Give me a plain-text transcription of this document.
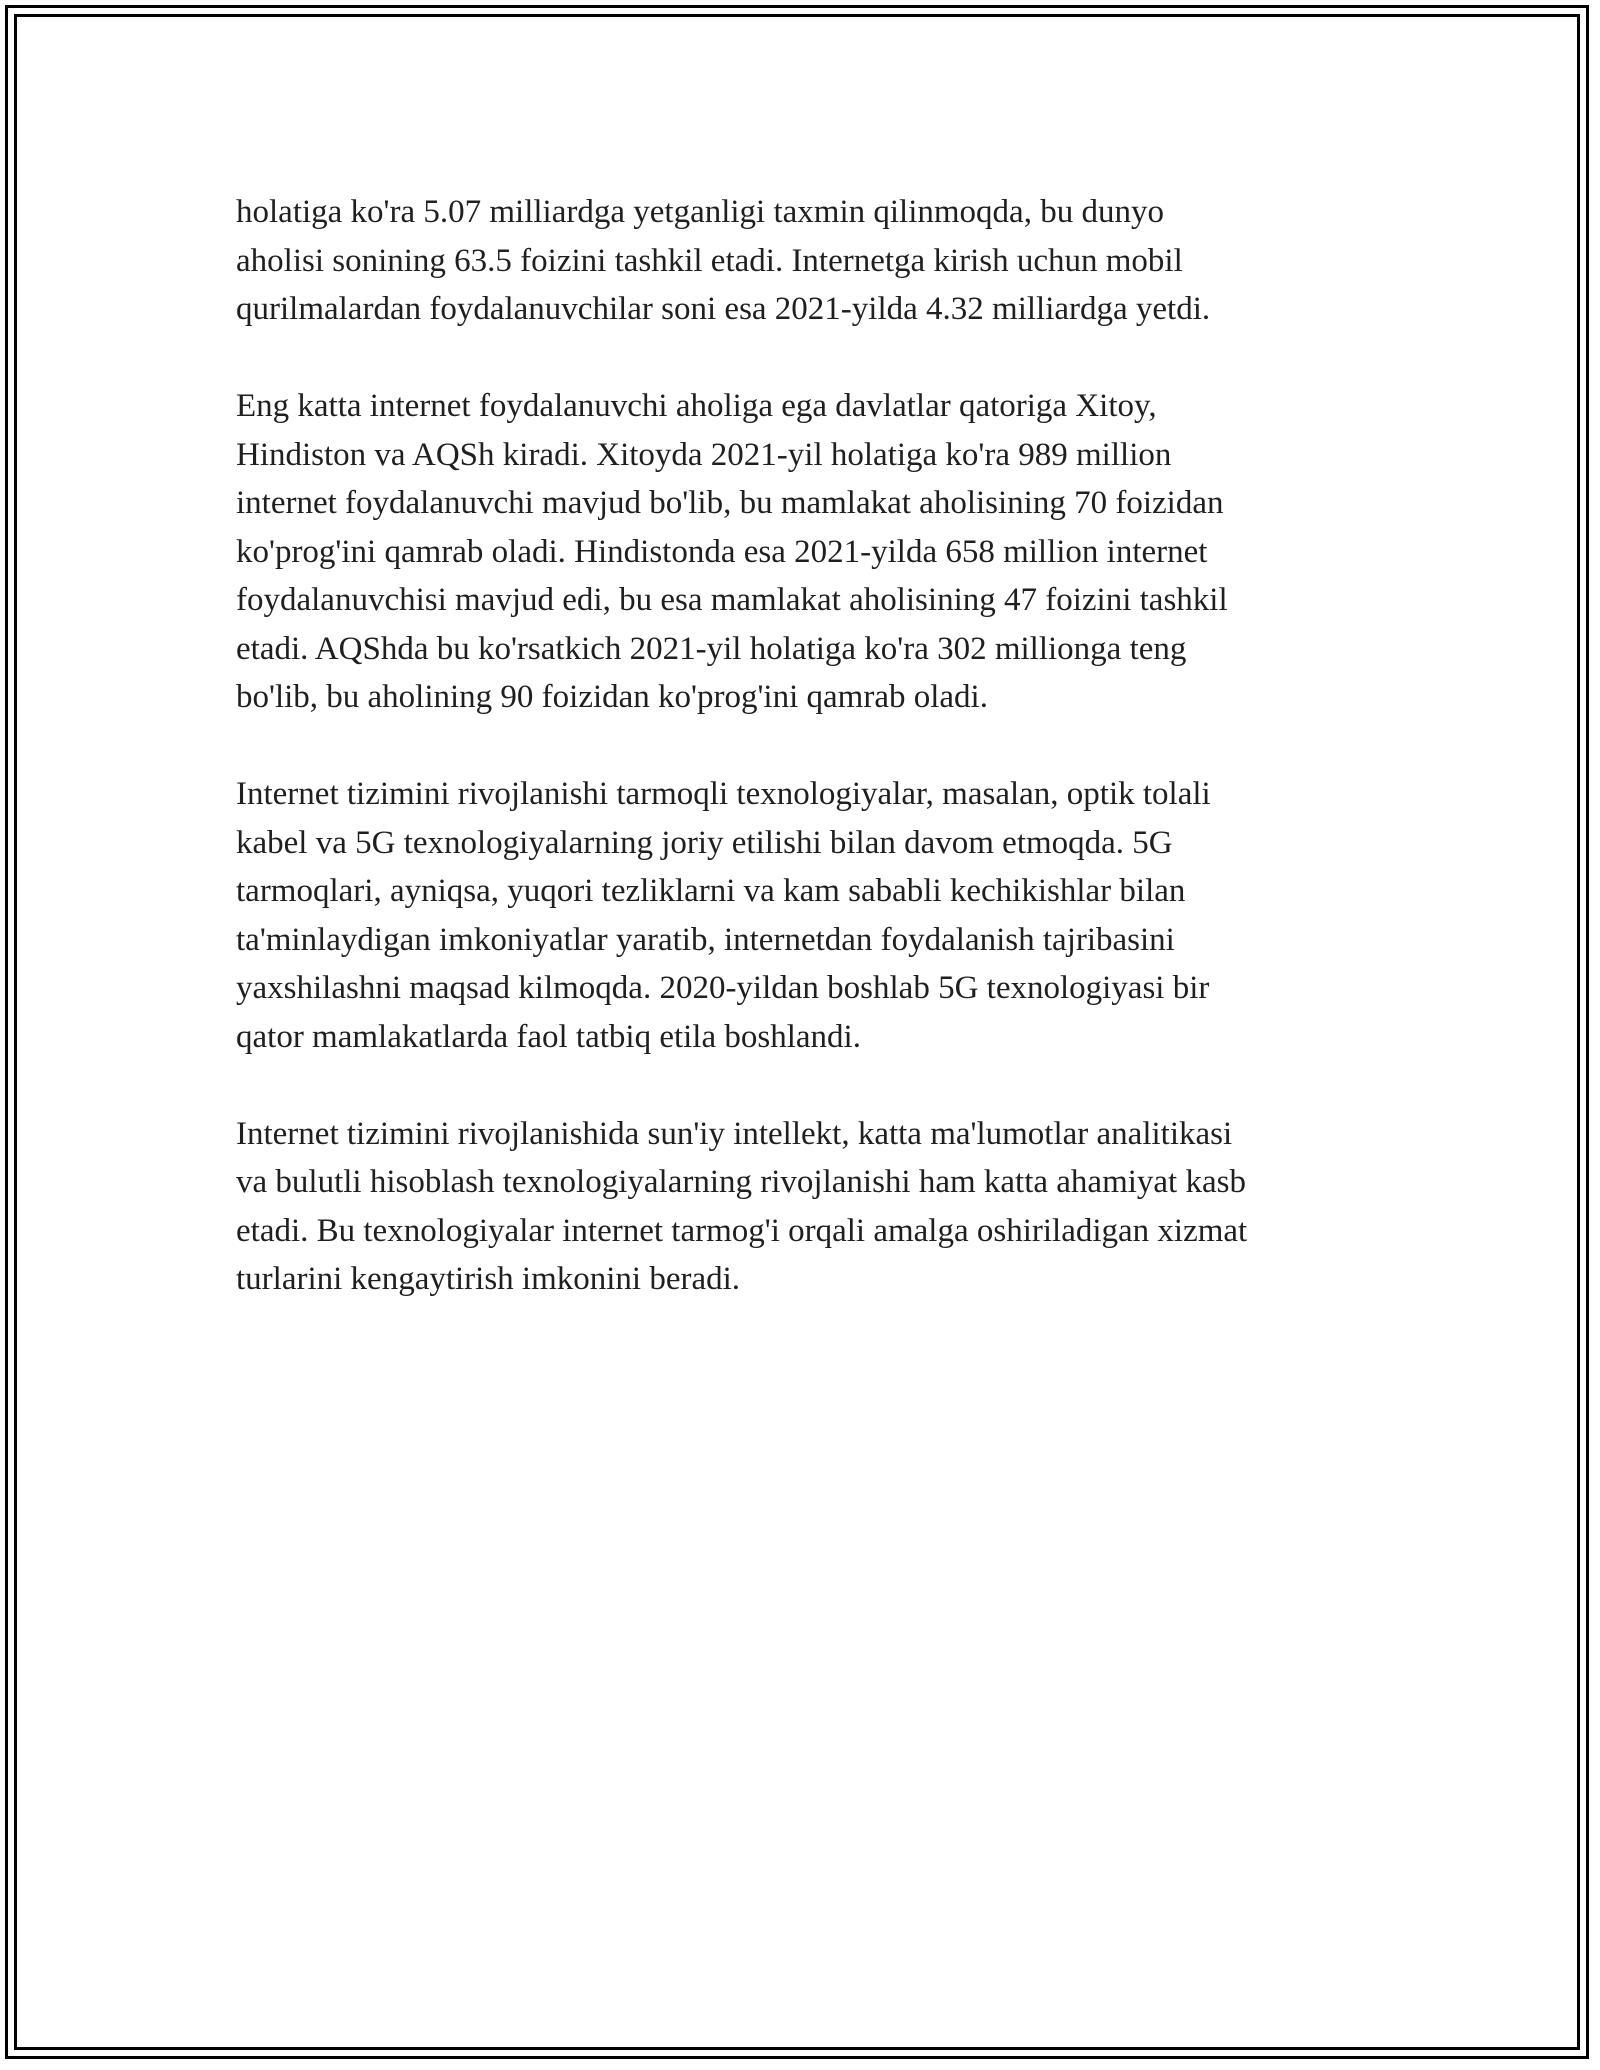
holatiga ko'ra 5.07 milliardga yetganligi taxmin qilinmoqda, bu dunyo
aholisi sonining 63.5 foizini tashkil etadi. Internetga kirish uchun mobil
qurilmalardan foydalanuvchilar soni esa 2021-yilda 4.32 milliardga yetdi.

Eng katta internet foydalanuvchi aholiga ega davlatlar qatoriga Xitoy,
Hindiston va AQSh kiradi. Xitoyda 2021-yil holatiga ko'ra 989 million
internet foydalanuvchi mavjud bo'lib, bu mamlakat aholisining 70 foizidan
ko'prog'ini qamrab oladi. Hindistonda esa 2021-yilda 658 million internet
foydalanuvchisi mavjud edi, bu esa mamlakat aholisining 47 foizini tashkil
etadi. AQShda bu ko'rsatkich 2021-yil holatiga ko'ra 302 millionga teng
bo'lib, bu aholining 90 foizidan ko'prog'ini qamrab oladi.

Internet tizimini rivojlanishi tarmoqli texnologiyalar, masalan, optik tolali
kabel va 5G texnologiyalarning joriy etilishi bilan davom etmoqda. 5G
tarmoqlari, ayniqsa, yuqori tezliklarni va kam sababli kechikishlar bilan
ta'minlaydigan imkoniyatlar yaratib, internetdan foydalanish tajribasini
yaxshilashni maqsad kilmoqda. 2020-yildan boshlab 5G texnologiyasi bir
qator mamlakatlarda faol tatbiq etila boshlandi.

Internet tizimini rivojlanishida sun'iy intellekt, katta ma'lumotlar analitikasi
va bulutli hisoblash texnologiyalarning rivojlanishi ham katta ahamiyat kasb
etadi. Bu texnologiyalar internet tarmog'i orqali amalga oshiriladigan xizmat
turlarini kengaytirish imkonini beradi.
